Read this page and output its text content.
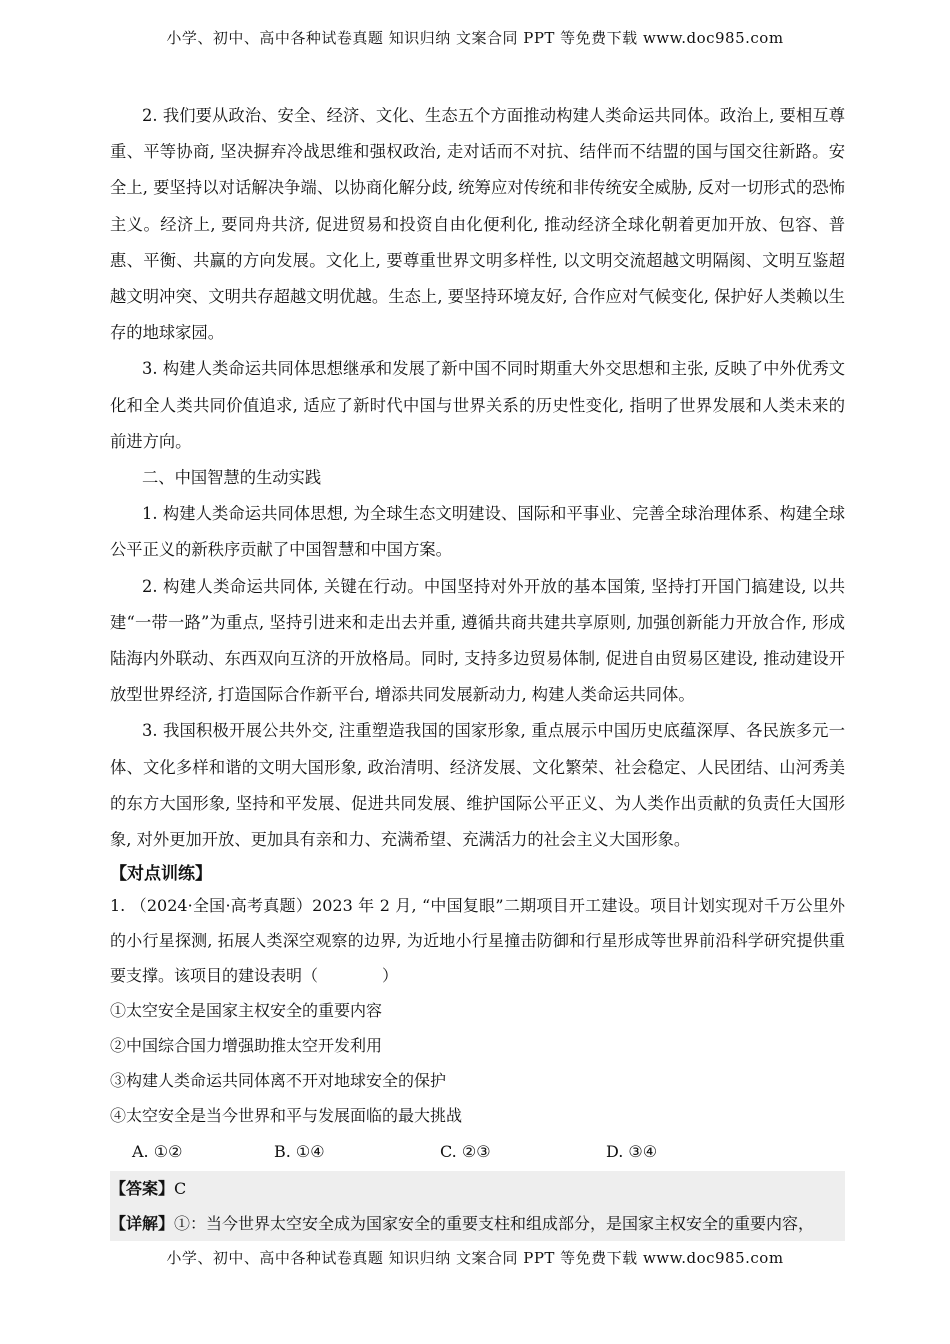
小学、初中、高中各种试卷真题 知识归纳 文案合同 PPT 等免费下载 www.doc985.com

2. 我们要从政治、安全、经济、文化、生态五个方面推动构建人类命运共同体。政治上, 要相互尊重、平等协商, 坚决摒弃冷战思维和强权政治, 走对话而不对抗、结伴而不结盟的国与国交往新路。安全上, 要坚持以对话解决争端、以协商化解分歧, 统筹应对传统和非传统安全威胁, 反对一切形式的恐怖主义。经济上, 要同舟共济, 促进贸易和投资自由化便利化, 推动经济全球化朝着更加开放、包容、普惠、平衡、共赢的方向发展。文化上, 要尊重世界文明多样性, 以文明交流超越文明隔阂、文明互鉴超越文明冲突、文明共存超越文明优越。生态上, 要坚持环境友好, 合作应对气候变化, 保护好人类赖以生存的地球家园。

3. 构建人类命运共同体思想继承和发展了新中国不同时期重大外交思想和主张, 反映了中外优秀文化和全人类共同价值追求, 适应了新时代中国与世界关系的历史性变化, 指明了世界发展和人类未来的前进方向。

二、中国智慧的生动实践

1. 构建人类命运共同体思想, 为全球生态文明建设、国际和平事业、完善全球治理体系、构建全球公平正义的新秩序贡献了中国智慧和中国方案。

2. 构建人类命运共同体, 关键在行动。中国坚持对外开放的基本国策, 坚持打开国门搞建设, 以共建“一带一路”为重点, 坚持引进来和走出去并重, 遵循共商共建共享原则, 加强创新能力开放合作, 形成陆海内外联动、东西双向互济的开放格局。同时, 支持多边贸易体制, 促进自由贸易区建设, 推动建设开放型世界经济, 打造国际合作新平台, 增添共同发展新动力, 构建人类命运共同体。

3. 我国积极开展公共外交, 注重塑造我国的国家形象, 重点展示中国历史底蕴深厚、各民族多元一体、文化多样和谐的文明大国形象, 政治清明、经济发展、文化繁荣、社会稳定、人民团结、山河秀美的东方大国形象, 坚持和平发展、促进共同发展、维护国际公平正义、为人类作出贡献的负责任大国形象, 对外更加开放、更加具有亲和力、充满希望、充满活力的社会主义大国形象。

【对点训练】

1. （2024·全国·高考真题）2023 年 2 月, “中国复眼”二期项目开工建设。项目计划实现对千万公里外的小行星探测, 拓展人类深空观察的边界, 为近地小行星撞击防御和行星形成等世界前沿科学研究提供重要支撑。该项目的建设表明（　　　　）

①太空安全是国家主权安全的重要内容

②中国综合国力增强助推太空开发利用

③构建人类命运共同体离不开对地球安全的保护

④太空安全是当今世界和平与发展面临的最大挑战

A. ①②	B. ①④	C. ②③	D. ③④
【答案】C
【详解】①：当今世界太空安全成为国家安全的重要支柱和组成部分，是国家主权安全的重要内容，
小学、初中、高中各种试卷真题 知识归纳 文案合同 PPT 等免费下载 www.doc985.com
